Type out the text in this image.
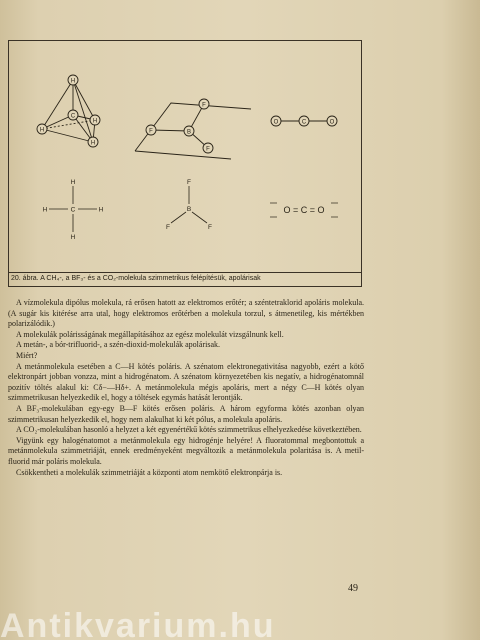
H
H
H
H
C
B
F
F
F
O	C	O
H
C
H
H	H
F
B
F	F
O = C = O
20. ábra. A CH₄-, a BF₃- és a CO₂-molekula szimmetrikus felépítésük, apolárisak

A vízmolekula dipólus molekula, rá erősen hatott az elektromos erőtér; a széntetraklorid apoláris molekula. (A sugár kis kitérése arra utal, hogy elektromos erőtérben a molekula torzul, s átmenetileg, kis mértékben polarizálódik.)

A molekulák polárisságának megállapításához az egész molekulát vizsgálnunk kell.

A metán-, a bór-trifluorid-, a szén-dioxid-molekulák apolárisak.

Miért?

A metánmolekula esetében a C—H kötés poláris. A szénatom elektronegativitása nagyobb, ezért a kötő elektronpárt jobban vonzza, mint a hidrogénatom. A szénatom környezetében kis negatív, a hidrogénatomnál pozitív töltés alakul ki: Cδ−—Hδ+. A metánmolekula mégis apoláris, mert a négy C—H kötés olyan szimmetrikusan helyezkedik el, hogy a töltések egymás hatását lerontják.

A BF₃-molekulában egy-egy B—F kötés erősen poláris. A három egyforma kötés azonban olyan szimmetrikusan helyezkedik el, hogy nem alakulhat ki két pólus, a molekula apoláris.

A CO₂-molekulában hasonló a helyzet a két egyenértékű kötés szimmetrikus elhelyezkedése következtében.

Vigyünk egy halogénatomot a metánmolekula egy hidrogénje helyére! A fluoratommal megbontottuk a metánmolekula szimmetriáját, ennek eredményeként megváltozik a metánmolekula polaritása is. A metil-fluorid már poláris molekula.

Csökkentheti a molekulák szimmetriáját a központi atom nemkötő elektronpárja is.

49
Antikvarium.hu
